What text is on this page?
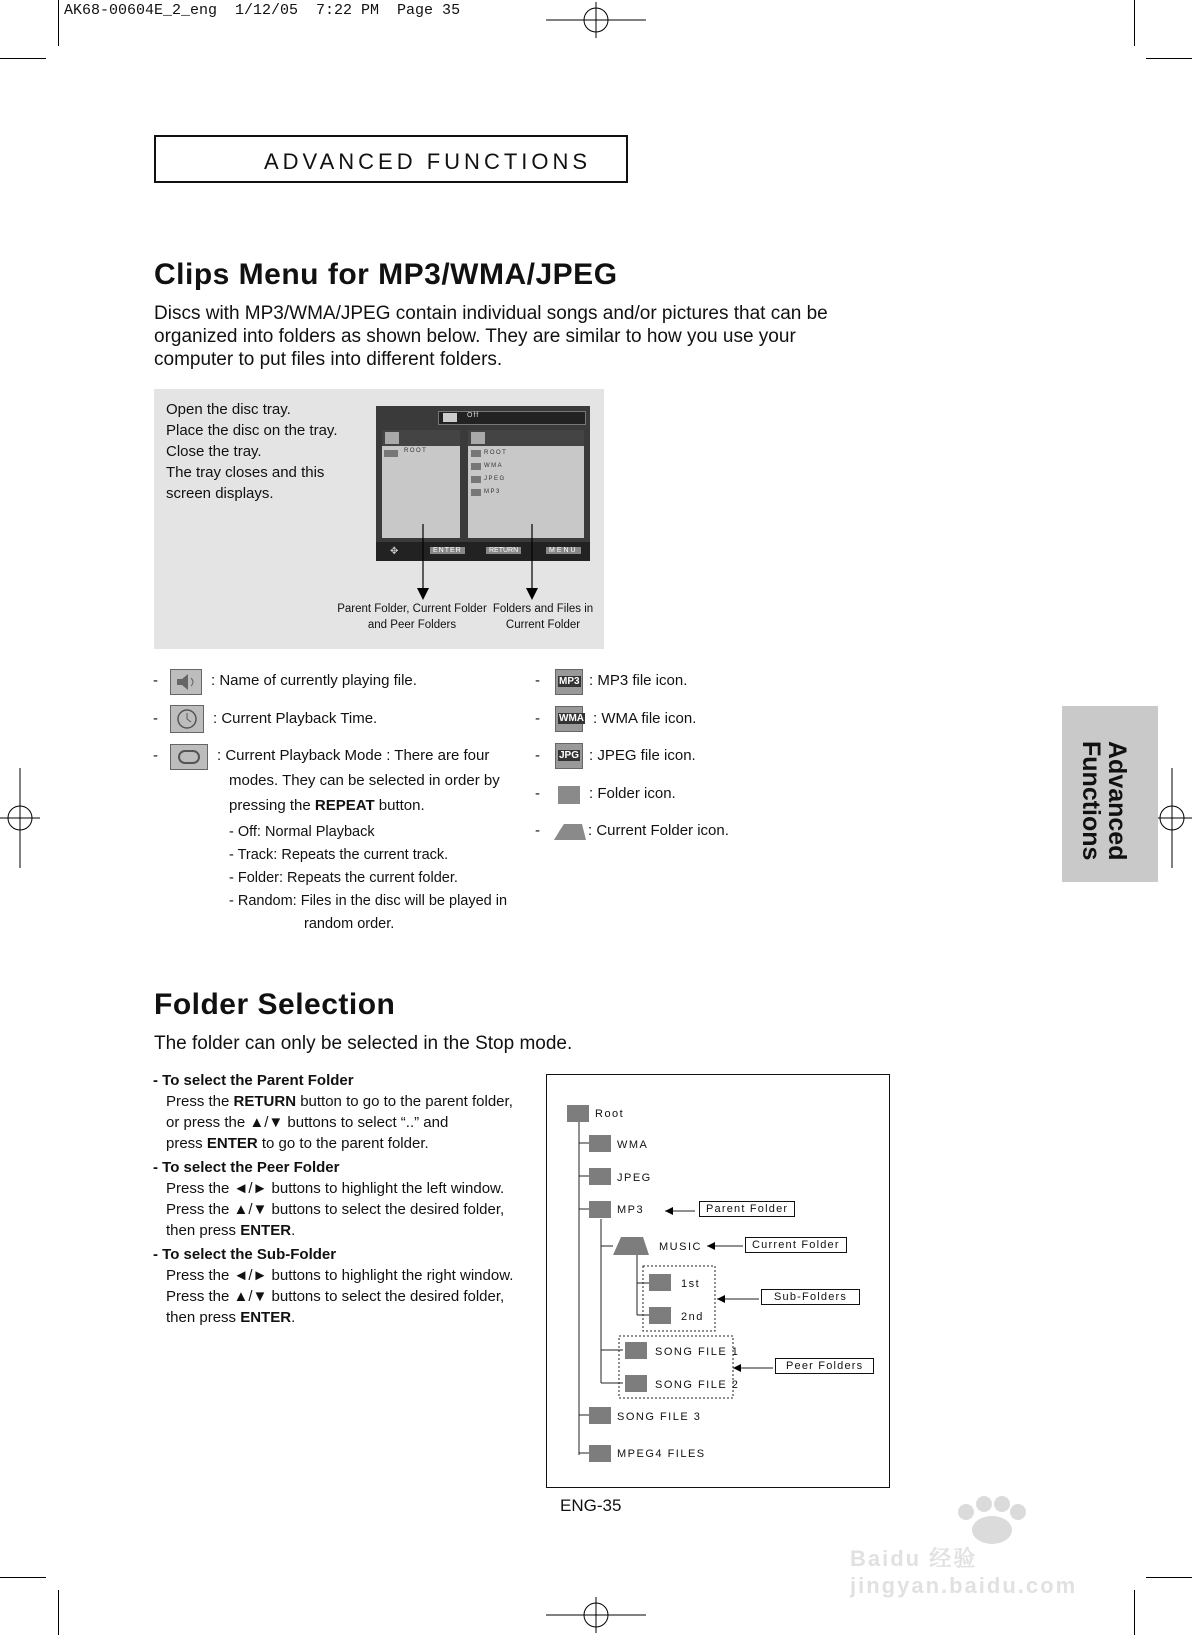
AK68-00604E_2_eng  1/12/05  7:22 PM  Page 35
ADVANCED FUNCTIONS
Advanced Functions
Clips Menu for MP3/WMA/JPEG
Discs with MP3/WMA/JPEG contain individual songs and/or pictures that can be organized into folders as shown below. They are similar to how you use your computer to put files into different folders.
Open the disc tray.
Place the disc on the tray.
Close the tray.
The tray closes and this
screen displays.
Off
ROOT	ROOT
WMA
JPEG
MP3
✥	ENTER	RETURN	MENU
Parent Folder, Current Folder
and Peer Folders
Folders and Files in
Current Folder
-	: Name of currently playing file.
-	: Current Playback Time.
-	: Current Playback Mode : There are four
modes. They can be selected in order by
pressing the REPEAT button.
- Off: Normal Playback
- Track: Repeats the current track.
- Folder: Repeats the current folder.
- Random: Files in the disc will be played in
random order.
- MP3 : MP3 file icon.
- WMA : WMA file icon.
- JPG : JPEG file icon.
-	: Folder icon.
-	: Current Folder icon.
Folder Selection
The folder can only be selected in the Stop mode.
- To select the Parent Folder
Press the RETURN button to go to the parent folder,
or press the ▲/▼ buttons to select “..” and
press ENTER to go to the parent folder.
- To select the Peer Folder
Press the ◄/► buttons to highlight the left window.
Press the ▲/▼ buttons to select the desired folder,
then press ENTER.
- To select the Sub-Folder
Press the ◄/► buttons to highlight the right window.
Press the ▲/▼ buttons to select the desired folder,
then press ENTER.
Root
WMA
JPEG
MP3
MUSIC
1st
2nd
SONG FILE 1
SONG FILE 2
SONG FILE 3
MPEG4 FILES
Parent Folder
Current Folder
Sub-Folders
Peer Folders
ENG-35
Baidu 经验 jingyan.baidu.com
